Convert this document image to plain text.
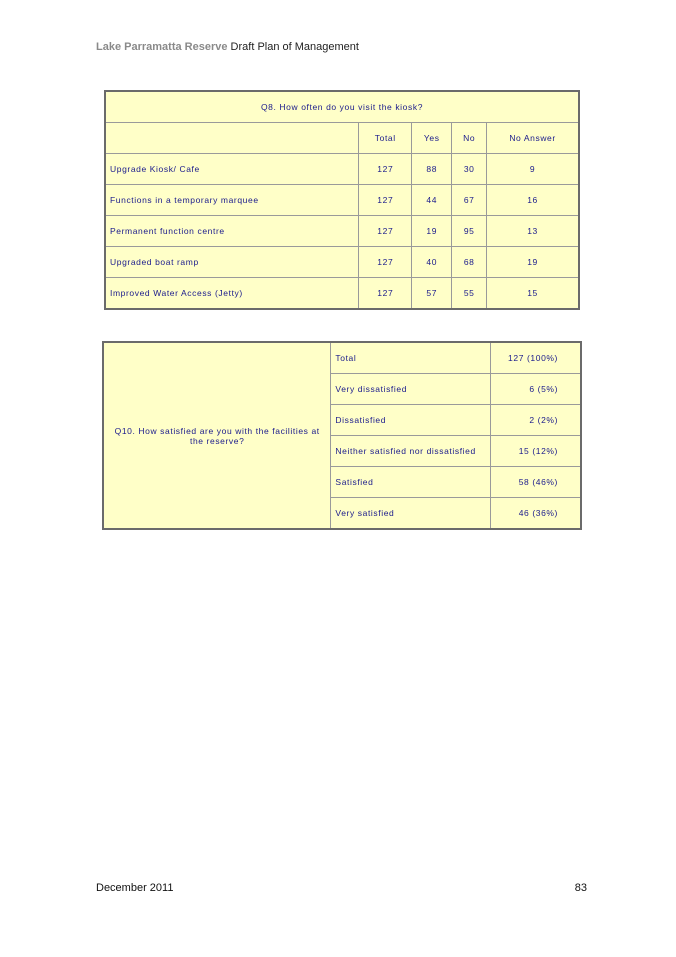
Lake Parramatta Reserve Draft Plan of Management
Q8. How often do you visit the kiosk?				
	Total	Yes	No	No Answer
Upgrade Kiosk/ Cafe	127	88	30	9
Functions in a temporary marquee	127	44	67	16
Permanent function centre	127	19	95	13
Upgraded boat ramp	127	40	68	19
Improved Water Access (Jetty)	127	57	55	15
Q10. How satisfied are you with the facilities at the reserve?	Total	127 (100%)
	Very dissatisfied	6 (5%)
	Dissatisfied	2 (2%)
	Neither satisfied nor dissatisfied	15 (12%)
	Satisfied	58 (46%)
	Very satisfied	46 (36%)
December 2011	83
